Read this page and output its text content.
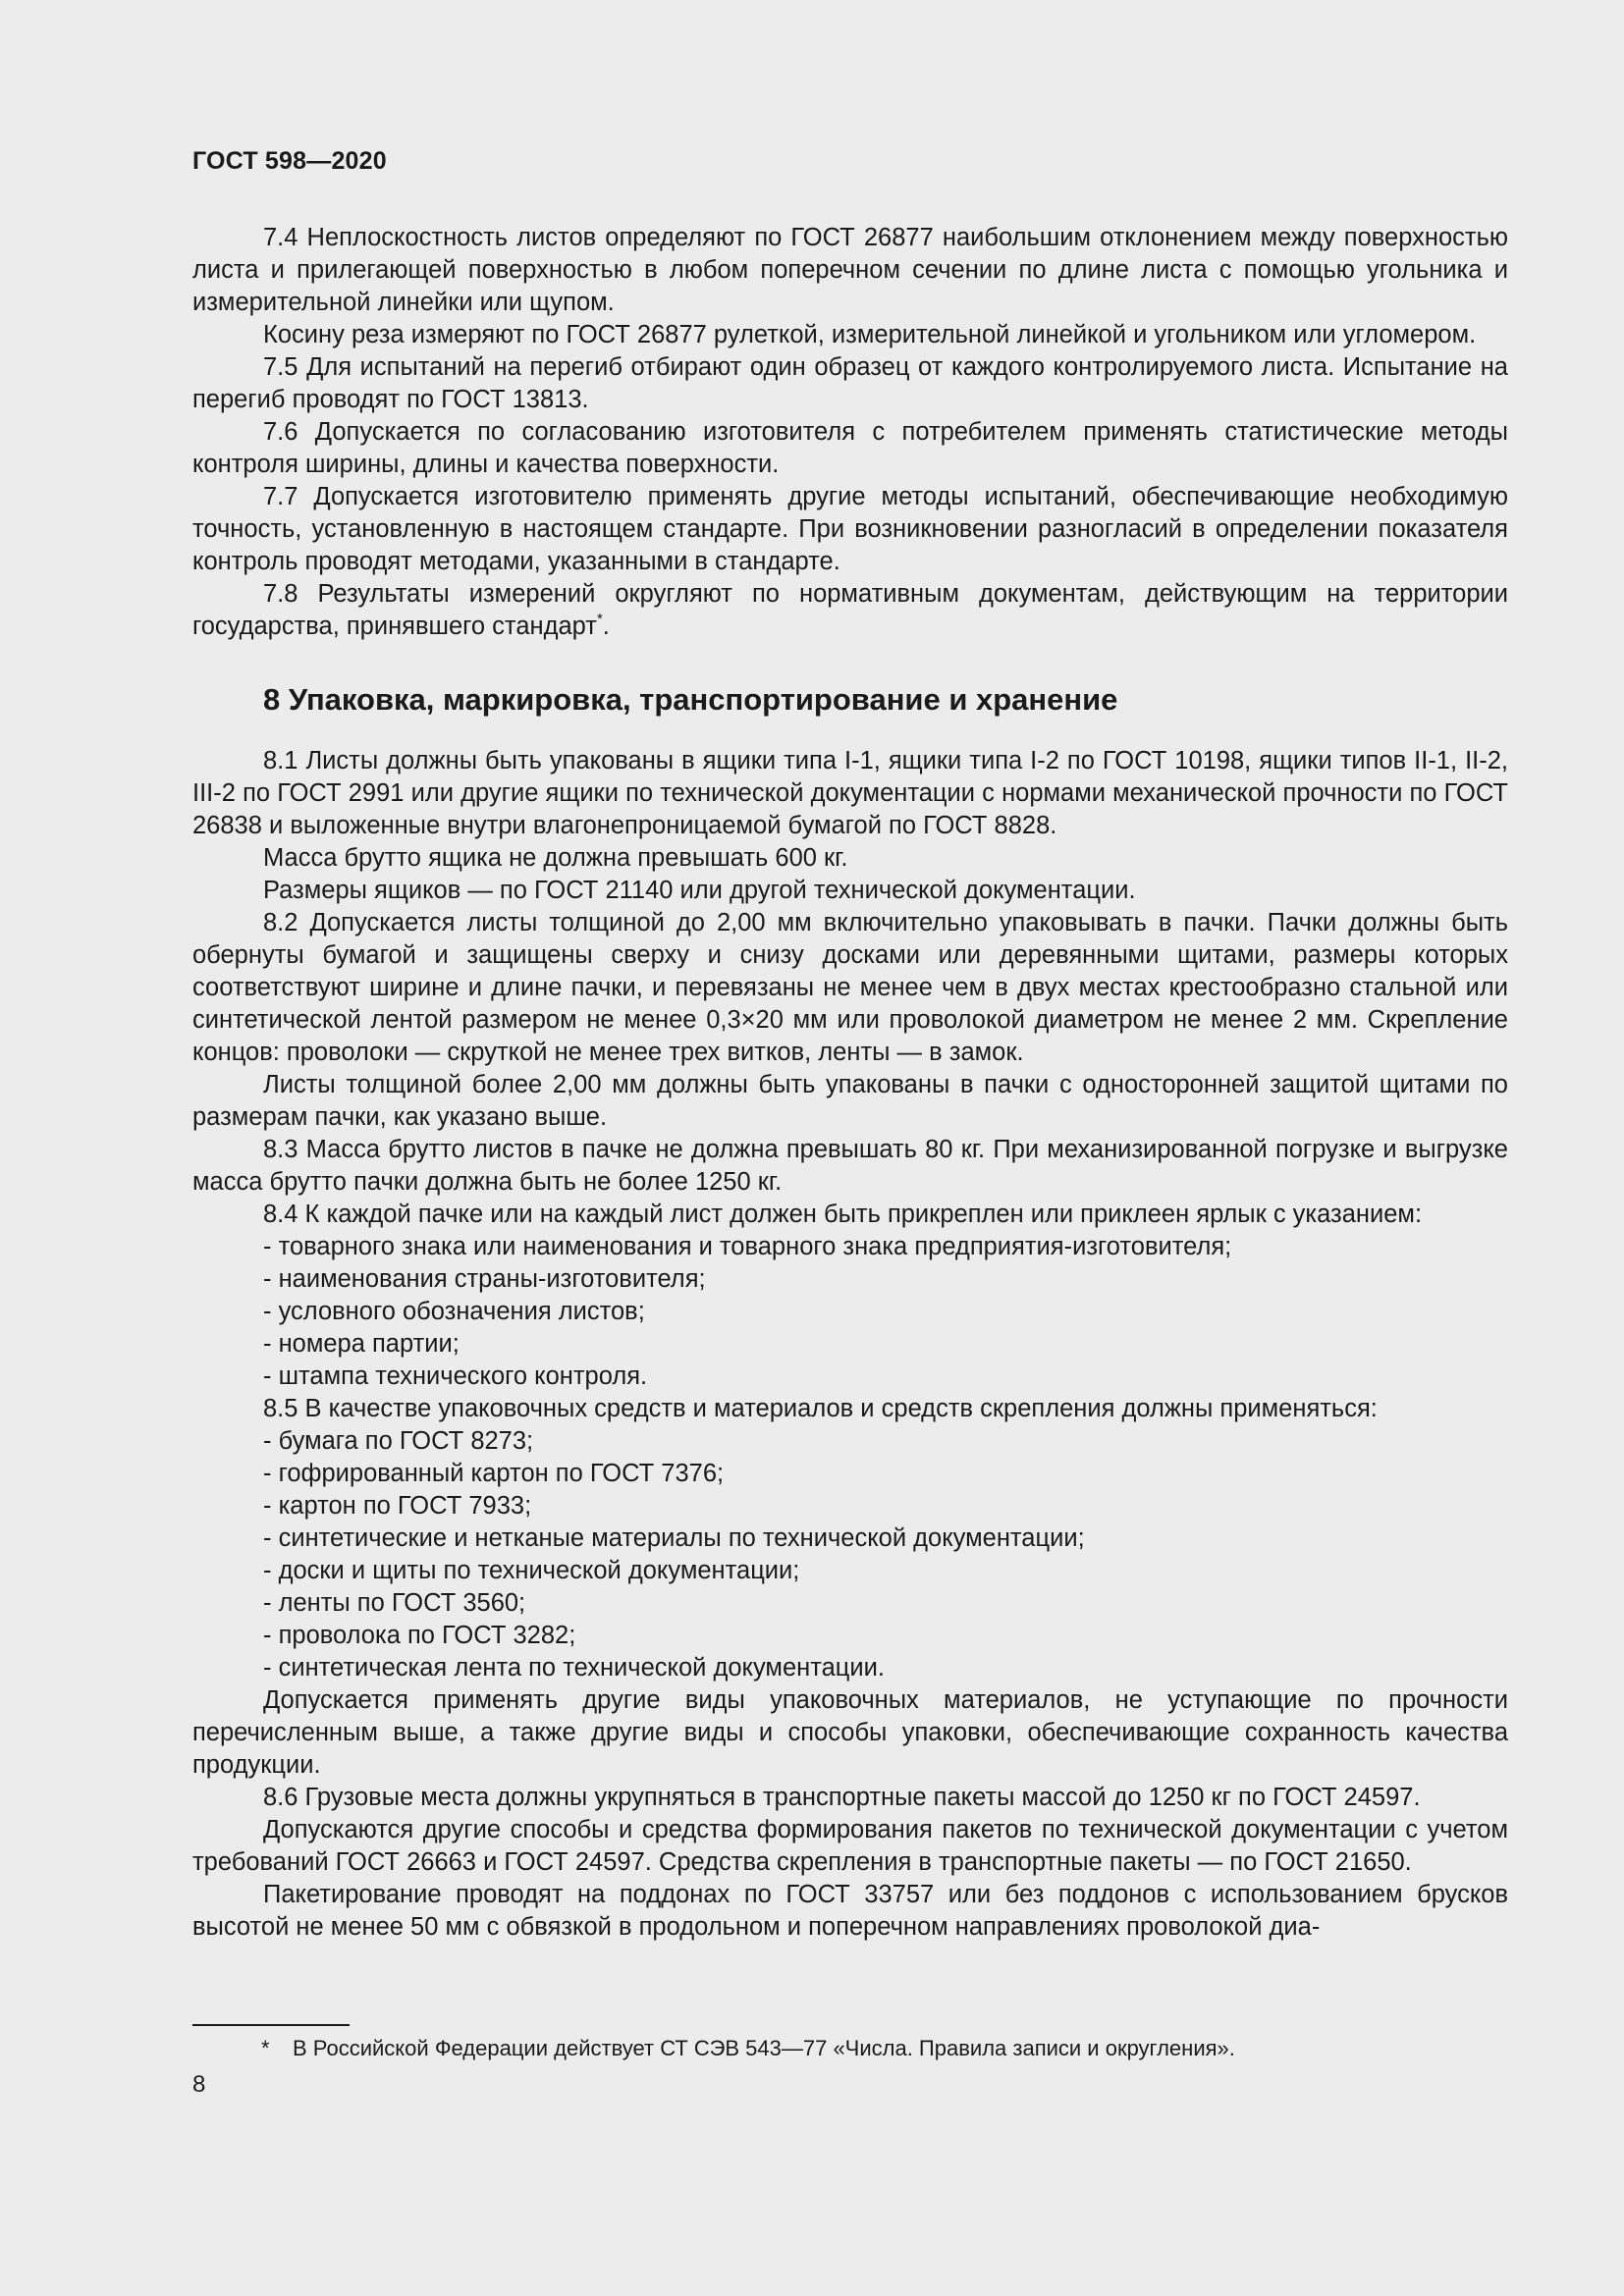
ГОСТ 598—2020

7.4 Неплоскостность листов определяют по ГОСТ 26877 наибольшим отклонением между поверхностью листа и прилегающей поверхностью в любом поперечном сечении по длине листа с помощью угольника и измерительной линейки или щупом.

Косину реза измеряют по ГОСТ 26877 рулеткой, измерительной линейкой и угольником или угломером.

7.5 Для испытаний на перегиб отбирают один образец от каждого контролируемого листа. Испытание на перегиб проводят по ГОСТ 13813.

7.6 Допускается по согласованию изготовителя с потребителем применять статистические методы контроля ширины, длины и качества поверхности.

7.7 Допускается изготовителю применять другие методы испытаний, обеспечивающие необходимую точность, установленную в настоящем стандарте. При возникновении разногласий в определении показателя контроль проводят методами, указанными в стандарте.

7.8 Результаты измерений округляют по нормативным документам, действующим на территории государства, принявшего стандарт*.

8 Упаковка, маркировка, транспортирование и хранение

8.1 Листы должны быть упакованы в ящики типа I-1, ящики типа I-2 по ГОСТ 10198, ящики типов II-1, II-2, III-2 по ГОСТ 2991 или другие ящики по технической документации с нормами механической прочности по ГОСТ 26838 и выложенные внутри влагонепроницаемой бумагой по ГОСТ 8828.

Масса брутто ящика не должна превышать 600 кг.

Размеры ящиков — по ГОСТ 21140 или другой технической документации.

8.2 Допускается листы толщиной до 2,00 мм включительно упаковывать в пачки. Пачки должны быть обернуты бумагой и защищены сверху и снизу досками или деревянными щитами, размеры которых соответствуют ширине и длине пачки, и перевязаны не менее чем в двух местах крестообразно стальной или синтетической лентой размером не менее 0,3×20 мм или проволокой диаметром не менее 2 мм. Скрепление концов: проволоки — скруткой не менее трех витков, ленты — в замок.

Листы толщиной более 2,00 мм должны быть упакованы в пачки с односторонней защитой щитами по размерам пачки, как указано выше.

8.3 Масса брутто листов в пачке не должна превышать 80 кг. При механизированной погрузке и выгрузке масса брутто пачки должна быть не более 1250 кг.

8.4 К каждой пачке или на каждый лист должен быть прикреплен или приклеен ярлык с указанием:

- товарного знака или наименования и товарного знака предприятия-изготовителя;

- наименования страны-изготовителя;

- условного обозначения листов;

- номера партии;

- штампа технического контроля.

8.5 В качестве упаковочных средств и материалов и средств скрепления должны применяться:

- бумага по ГОСТ 8273;

- гофрированный картон по ГОСТ 7376;

- картон по ГОСТ 7933;

- синтетические и нетканые материалы по технической документации;

- доски и щиты по технической документации;

- ленты по ГОСТ 3560;

- проволока по ГОСТ 3282;

- синтетическая лента по технической документации.

Допускается применять другие виды упаковочных материалов, не уступающие по прочности перечисленным выше, а также другие виды и способы упаковки, обеспечивающие сохранность качества продукции.

8.6 Грузовые места должны укрупняться в транспортные пакеты массой до 1250 кг по ГОСТ 24597.

Допускаются другие способы и средства формирования пакетов по технической документации с учетом требований ГОСТ 26663 и ГОСТ 24597. Средства скрепления в транспортные пакеты — по ГОСТ 21650.

Пакетирование проводят на поддонах по ГОСТ 33757 или без поддонов с использованием брусков высотой не менее 50 мм с обвязкой в продольном и поперечном направлениях проволокой диа-

* В Российской Федерации действует СТ СЭВ 543—77 «Числа. Правила записи и округления».
8
